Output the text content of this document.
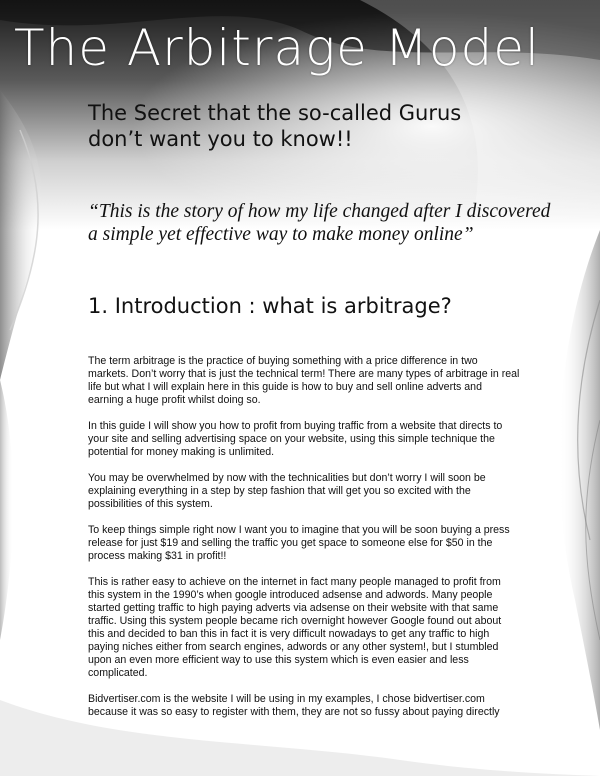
The Arbitrage Model
The Secret that the so-called Gurus
don’t want you to know!!
“This is the story of how my life changed after I discovered
a simple yet effective way to make money online”
1. Introduction : what is arbitrage?

The term arbitrage is the practice of buying something with a price difference in two markets. Don’t worry that is just the technical term! There are many types of arbitrage in real life but what I will explain here in this guide is how to buy and sell online adverts and earning a huge profit whilst doing so.

In this guide I will show you how to profit from buying traffic from a website that directs to your site and selling advertising space on your website, using this simple technique the potential for money making is unlimited.

You may be overwhelmed by now with the technicalities but don’t worry I will soon be explaining everything in a step by step fashion that will get you so excited with the possibilities of this system.

To keep things simple right now I want you to imagine that you will be soon buying a press release for just $19 and selling the traffic you get space to someone else for $50 in the process making $31 in profit!!

This is rather easy to achieve on the internet in fact many people managed to profit from this system in the 1990’s when google introduced adsense and adwords. Many people started getting traffic to high paying adverts via adsense on their website with that same traffic. Using this system people became rich overnight however Google found out about this and decided to ban this in fact it is very difficult nowadays to get any traffic to high paying niches either from search engines, adwords or any other system!, but I stumbled upon an even more efficient way to use this system which is even easier and less complicated.

Bidvertiser.com is the website I will be using in my examples, I chose bidvertiser.com because it was so easy to register with them, they are not so fussy about paying directly
